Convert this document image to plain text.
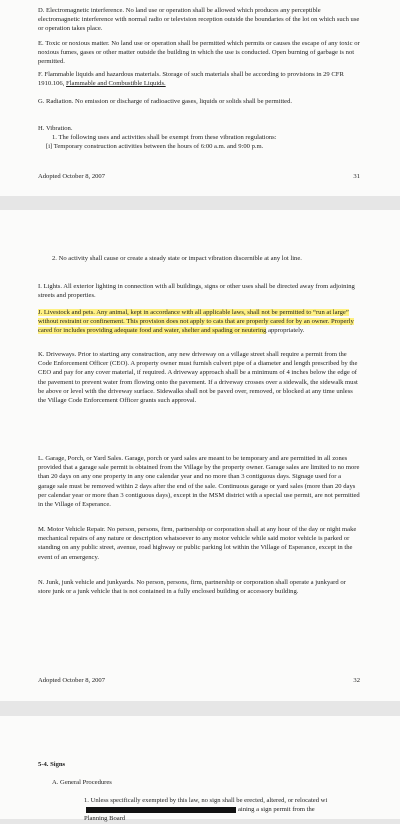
D. Electromagnetic interference. No land use or operation shall be allowed which produces any perceptible electromagnetic interference with normal radio or television reception outside the boundaries of the lot on which such use or operation takes place.

E. Toxic or noxious matter. No land use or operation shall be permitted which permits or causes the escape of any toxic or noxious fumes, gases or other matter outside the building in which the use is conducted. Open burning of garbage is not permitted.

F. Flammable liquids and hazardous materials. Storage of such materials shall be according to provisions in 29 CFR 1910.106, Flammable and Combustible Liquids.

G. Radiation. No emission or discharge of radioactive gases, liquids or solids shall be permitted.

H. Vibration.

1. The following uses and activities shall be exempt from these vibration regulations:

[i] Temporary construction activities between the hours of 6:00 a.m. and 9:00 p.m.

Adopted October 8, 2007	31

2. No activity shall cause or create a steady state or impact vibration discernible at any lot line.

I. Lights. All exterior lighting in connection with all buildings, signs or other uses shall be directed away from adjoining streets and properties.

J. Livestock and pets. Any animal, kept in accordance with all applicable laws, shall not be permitted to “run at large” without restraint or confinement. This provision does not apply to cats that are properly cared for by an owner. Properly cared for includes providing adequate food and water, shelter and spading or neutering appropriately.

K. Driveways. Prior to starting any construction, any new driveway on a village street shall require a permit from the Code Enforcement Officer (CEO). A property owner must furnish culvert pipe of a diameter and length prescribed by the CEO and pay for any cover material, if required. A driveway approach shall be a minimum of 4 inches below the edge of the pavement to prevent water from flowing onto the pavement. If a driveway crosses over a sidewalk, the sidewalk must be above or level with the driveway surface. Sidewalks shall not be paved over, removed, or blocked at any time unless the Village Code Enforcement Officer grants such approval.

L. Garage, Porch, or Yard Sales. Garage, porch or yard sales are meant to be temporary and are permitted in all zones provided that a garage sale permit is obtained from the Village by the property owner. Garage sales are limited to no more than 20 days on any one property in any one calendar year and no more than 3 contiguous days. Signage used for a garage sale must be removed within 2 days after the end of the sale. Continuous garage or yard sales (more than 20 days per calendar year or more than 3 contiguous days), except in the MSM district with a special use permit, are not permitted in the Village of Esperance.

M. Motor Vehicle Repair. No person, persons, firm, partnership or corporation shall at any hour of the day or night make mechanical repairs of any nature or description whatsoever to any motor vehicle while said motor vehicle is parked or standing on any public street, avenue, road highway or public parking lot within the Village of Esperance, except in the event of an emergency.

N. Junk, junk vehicle and junkyards. No person, persons, firm, partnership or corporation shall operate a junkyard or store junk or a junk vehicle that is not contained in a fully enclosed building or accessory building.

Adopted October 8, 2007	32

5-4. Signs

A. General Procedures

1. Unless specifically exempted by this law, no sign shall be erected, altered, or relocated wiaining a sign permit from the
Planning Board
